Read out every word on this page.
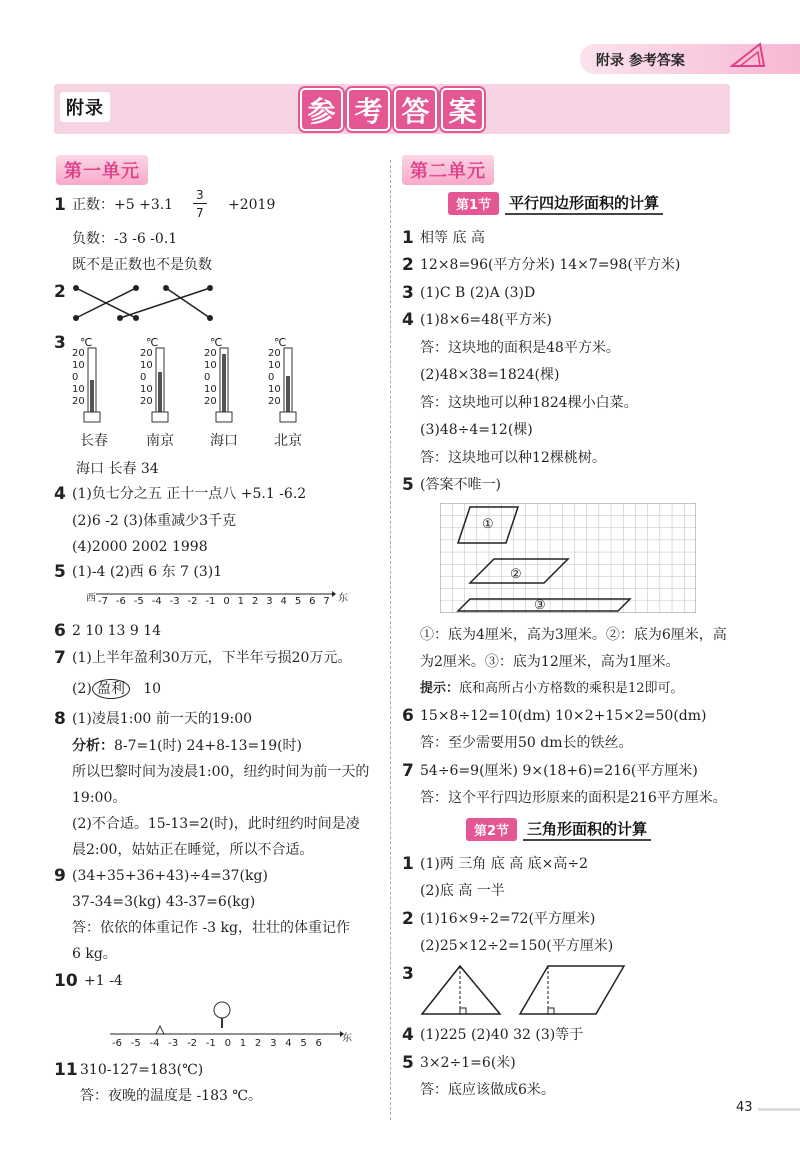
附录 参考答案
附录	参 考 答 案
第一单元
1 正数：+5 +3.1
3
7 +2019
负数：-3 -6 -0.1
既不是正数也不是负数
2
3 ℃	℃	℃	℃
20
10
0
10
20
20
10
0
10
20
20
10
0
10
20
20
10
0
10
20
长春	南京	海口	北京
海口 长春 34
4 (1)负七分之五 正十一点八 +5.1 -6.2
(2)6 -2 (3)体重减少3千克
(4)2000 2002 1998
5 (1)-4 (2)西 6 东 7 (3)1
西	东
-7 -6 -5 -4 -3 -2 -1 0 1 2 3 4 5 6 7
6 2 10 13 9 14
7 (1)上半年盈利30万元，下半年亏损20万元。
(2) 盈利 10
8 (1)凌晨1:00 前一天的19:00
分析：8-7=1(时) 24+8-13=19(时)
所以巴黎时间为凌晨1:00，纽约时间为前一天的
19:00。
(2)不合适。15-13=2(时)，此时纽约时间是凌
晨2:00，姑姑正在睡觉，所以不合适。
9 (34+35+36+43)÷4=37(kg)
37-34=3(kg) 43-37=6(kg)
答：依依的体重记作 -3 kg，壮壮的体重记作
6 kg。
10 +1 -4
东
-6 -5 -4 -3 -2 -1 0 1 2 3 4 5 6
11 310-127=183(℃)
答：夜晚的温度是 -183 ℃。
第二单元
第1节	平行四边形面积的计算
1 相等 底 高
2 12×8=96(平方分米) 14×7=98(平方米)
3 (1)C B (2)A (3)D
4 (1)8×6=48(平方米)
答：这块地的面积是48平方米。
(2)48×38=1824(棵)
答：这块地可以种1824棵小白菜。
(3)48÷4=12(棵)
答：这块地可以种12棵桃树。
5 (答案不唯一)
①
②
③
①：底为4厘米，高为3厘米。②：底为6厘米，高
为2厘米。③：底为12厘米，高为1厘米。
提示：底和高所占小方格数的乘积是12即可。
6 15×8÷12=10(dm) 10×2+15×2=50(dm)
答：至少需要用50 dm长的铁丝。
7 54÷6=9(厘米) 9×(18+6)=216(平方厘米)
答：这个平行四边形原来的面积是216平方厘米。
第2节	三角形面积的计算
1 (1)两 三角 底 高 底×高÷2
(2)底 高 一半
2 (1)16×9÷2=72(平方厘米)
(2)25×12÷2=150(平方厘米)
3
4 (1)225 (2)40 32 (3)等于
5 3×2÷1=6(米)
答：底应该做成6米。
43
